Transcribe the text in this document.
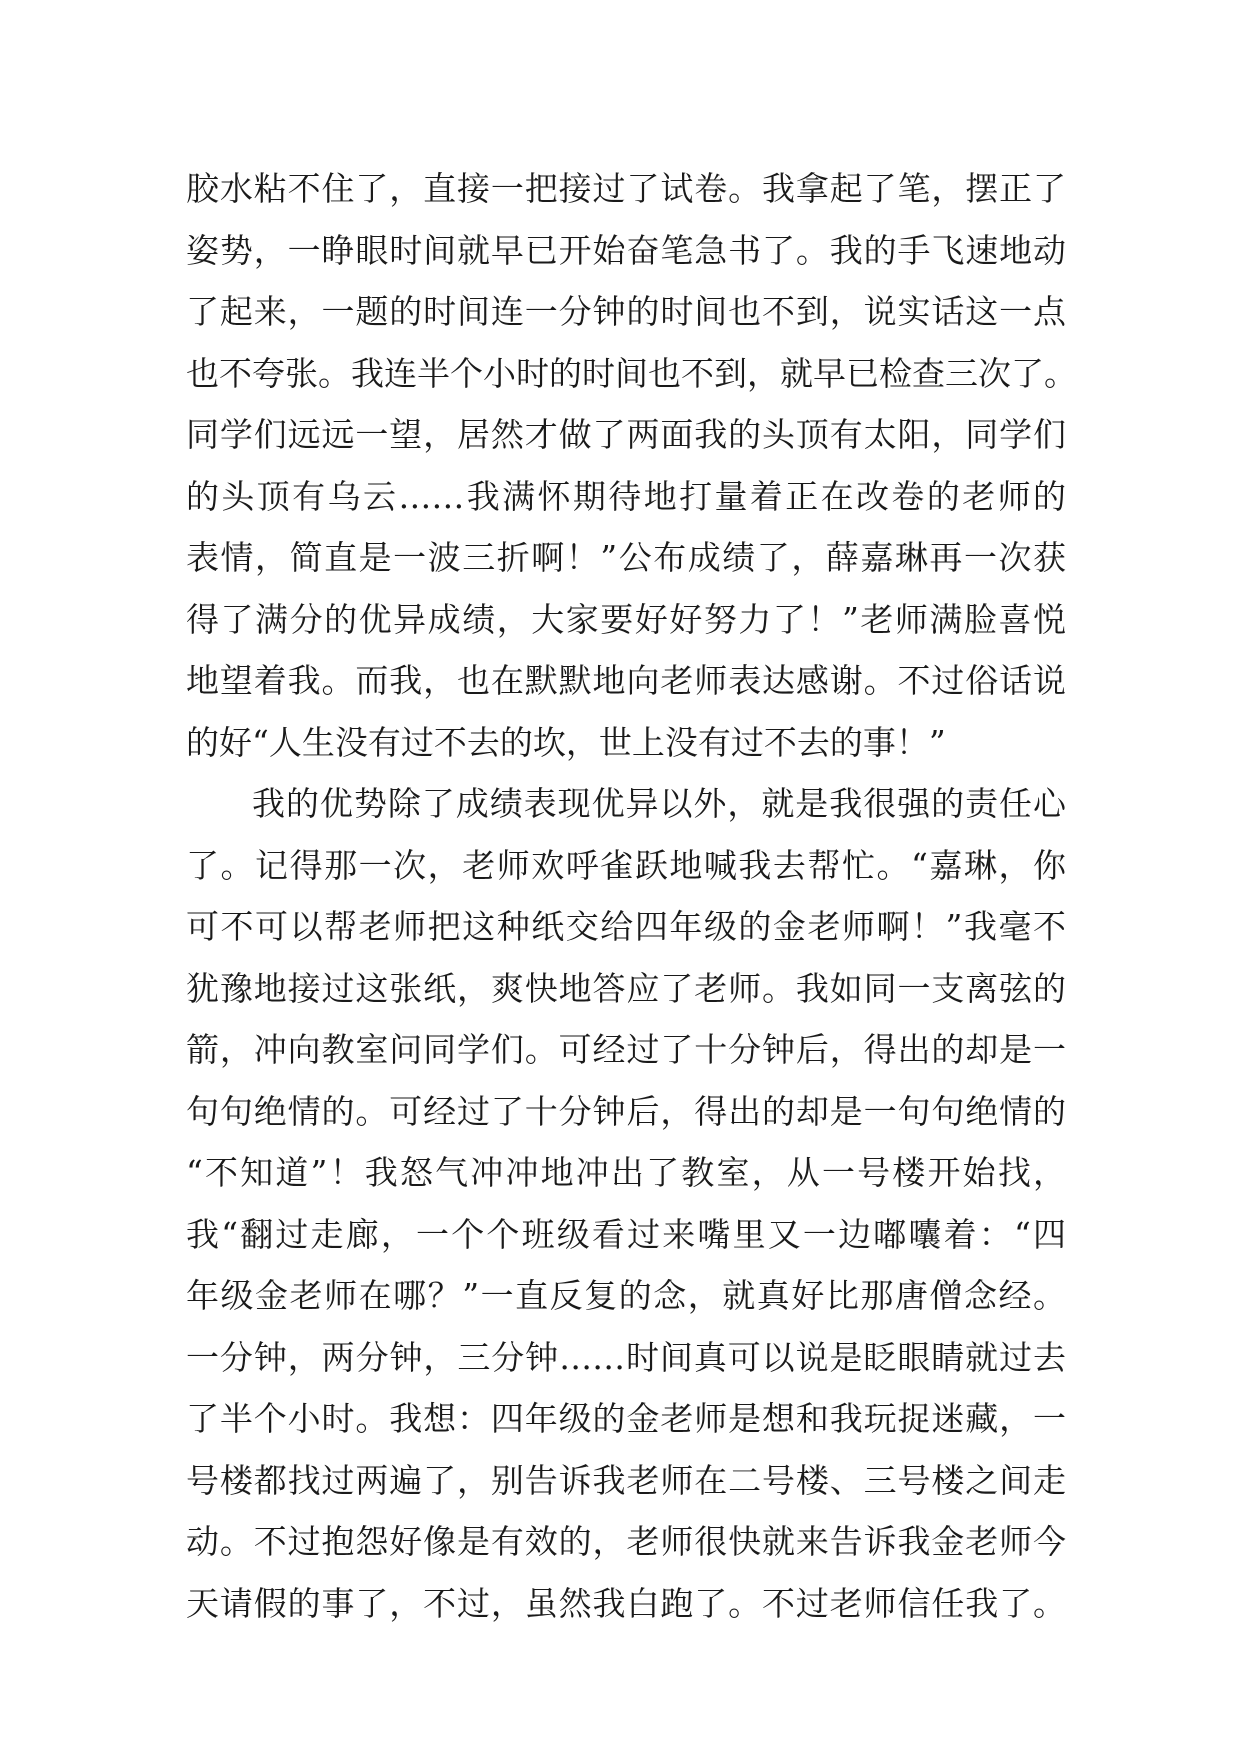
胶水粘不住了，直接一把接过了试卷。我拿起了笔，摆正了
姿势，一睁眼时间就早已开始奋笔急书了。我的手飞速地动
了起来，一题的时间连一分钟的时间也不到，说实话这一点
也不夸张。我连半个小时的时间也不到，就早已检查三次了。
同学们远远一望，居然才做了两面我的头顶有太阳，同学们
的头顶有乌云……我满怀期待地打量着正在改卷的老师的
表情，简直是一波三折啊！”公布成绩了，薛嘉琳再一次获
得了满分的优异成绩，大家要好好努力了！”老师满脸喜悦
地望着我。而我，也在默默地向老师表达感谢。不过俗话说
的好“人生没有过不去的坎，世上没有过不去的事！”
我的优势除了成绩表现优异以外，就是我很强的责任心
了。记得那一次，老师欢呼雀跃地喊我去帮忙。“嘉琳，你
可不可以帮老师把这种纸交给四年级的金老师啊！”我毫不
犹豫地接过这张纸，爽快地答应了老师。我如同一支离弦的
箭，冲向教室问同学们。可经过了十分钟后，得出的却是一
句句绝情的。可经过了十分钟后，得出的却是一句句绝情的
“不知道”！我怒气冲冲地冲出了教室，从一号楼开始找，
我“翻过走廊，一个个班级看过来嘴里又一边嘟囔着：“四
年级金老师在哪？”一直反复的念，就真好比那唐僧念经。
一分钟，两分钟，三分钟……时间真可以说是眨眼睛就过去
了半个小时。我想：四年级的金老师是想和我玩捉迷藏，一
号楼都找过两遍了，别告诉我老师在二号楼、三号楼之间走
动。不过抱怨好像是有效的，老师很快就来告诉我金老师今
天请假的事了，不过，虽然我白跑了。不过老师信任我了。
